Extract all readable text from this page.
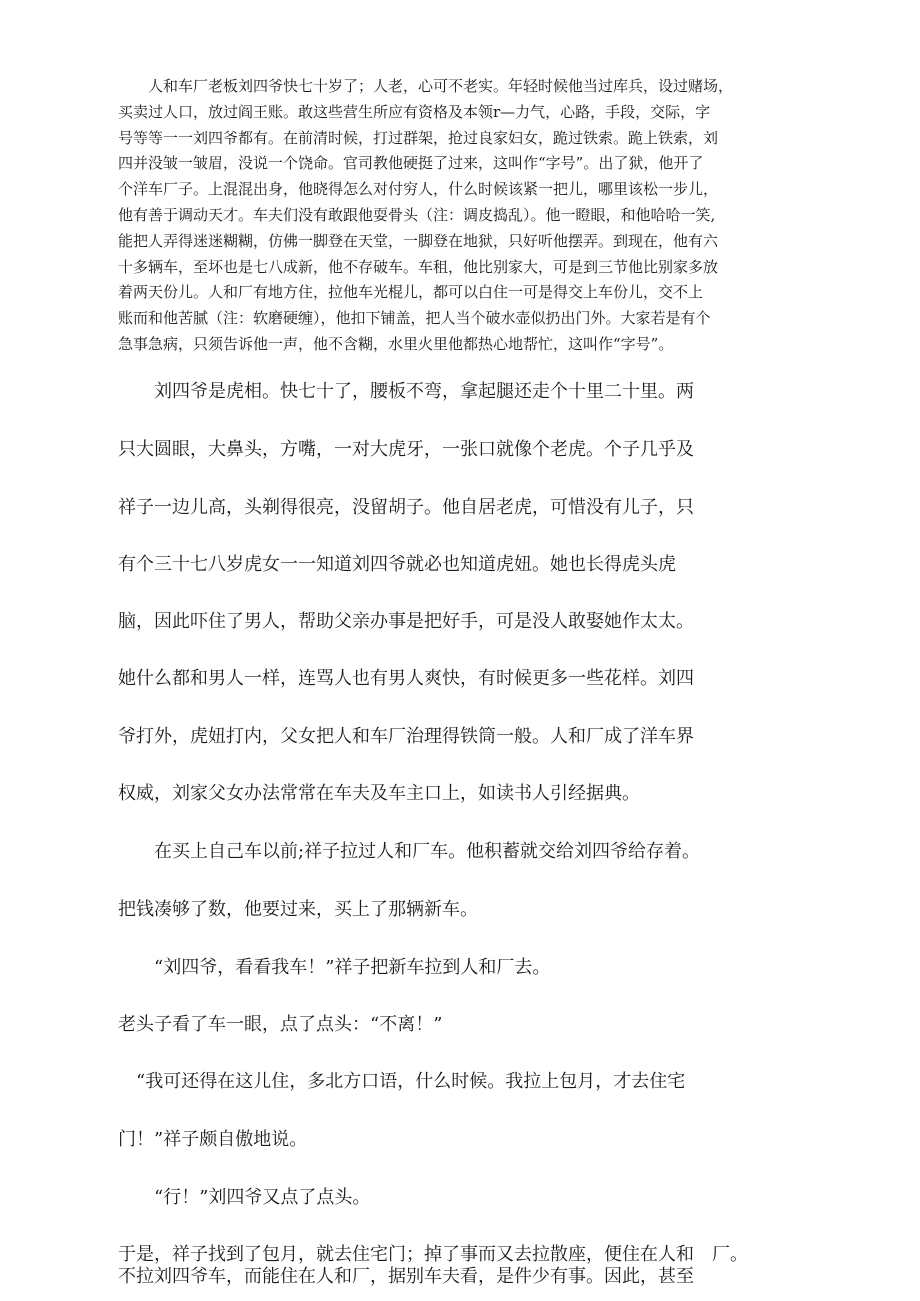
　　人和车厂老板刘四爷快七十岁了；人老，心可不老实。年轻时候他当过库兵，设过赌场，
买卖过人口，放过阎王账。敢这些营生所应有资格及本领r—力气，心路，手段，交际，字
号等等一一刘四爷都有。在前清时候，打过群架，抢过良家妇女，跪过铁索。跪上铁索，刘
四并没皱一皱眉，没说一个饶命。官司教他硬挺了过来，这叫作“字号”。出了狱，他开了
个洋车厂子。上混混出身，他晓得怎么对付穷人，什么时候该紧一把儿，哪里该松一步儿，
他有善于调动天才。车夫们没有敢跟他耍骨头（注：调皮捣乱）。他一瞪眼，和他哈哈一笑,
能把人弄得迷迷糊糊，仿佛一脚登在天堂，一脚登在地狱，只好听他摆弄。到现在，他有六
十多辆车，至坏也是七八成新，他不存破车。车租，他比别家大，可是到三节他比别家多放
着两天份儿。人和厂有地方住，拉他车光棍儿，都可以白住一可是得交上车份儿，交不上
账而和他苦腻（注：软磨硬缠），他扣下铺盖，把人当个破水壶似扔出门外。大家若是有个
急事急病，只须告诉他一声，他不含糊，水里火里他都热心地帮忙，这叫作“字号”。
　　刘四爷是虎相。快七十了，腰板不弯，拿起腿还走个十里二十里。两
只大圆眼，大鼻头，方嘴，一对大虎牙，一张口就像个老虎。个子几乎及
祥子一边儿高，头剃得很亮，没留胡子。他自居老虎，可惜没有儿子，只
有个三十七八岁虎女一一知道刘四爷就必也知道虎妞。她也长得虎头虎
脑，因此吓住了男人，帮助父亲办事是把好手，可是没人敢娶她作太太。
她什么都和男人一样，连骂人也有男人爽快，有时候更多一些花样。刘四
爷打外，虎妞打内，父女把人和车厂治理得铁筒一般。人和厂成了洋车界
权威，刘家父女办法常常在车夫及车主口上，如读书人引经据典。
　　在买上自己车以前;祥子拉过人和厂车。他积蓄就交给刘四爷给存着。
把钱凑够了数，他要过来，买上了那辆新车。
　　“刘四爷，看看我车！”祥子把新车拉到人和厂去。
老头子看了车一眼，点了点头：“不离！”
　“我可还得在这儿住，多北方口语，什么时候。我拉上包月，才去住宅
门！”祥子颇自傲地说。
　　“行！”刘四爷又点了点头。
于是，祥子找到了包月，就去住宅门；掉了事而又去拉散座，便住在人和　厂。
不拉刘四爷车，而能住在人和厂，据别车夫看，是件少有事。因此，甚至
